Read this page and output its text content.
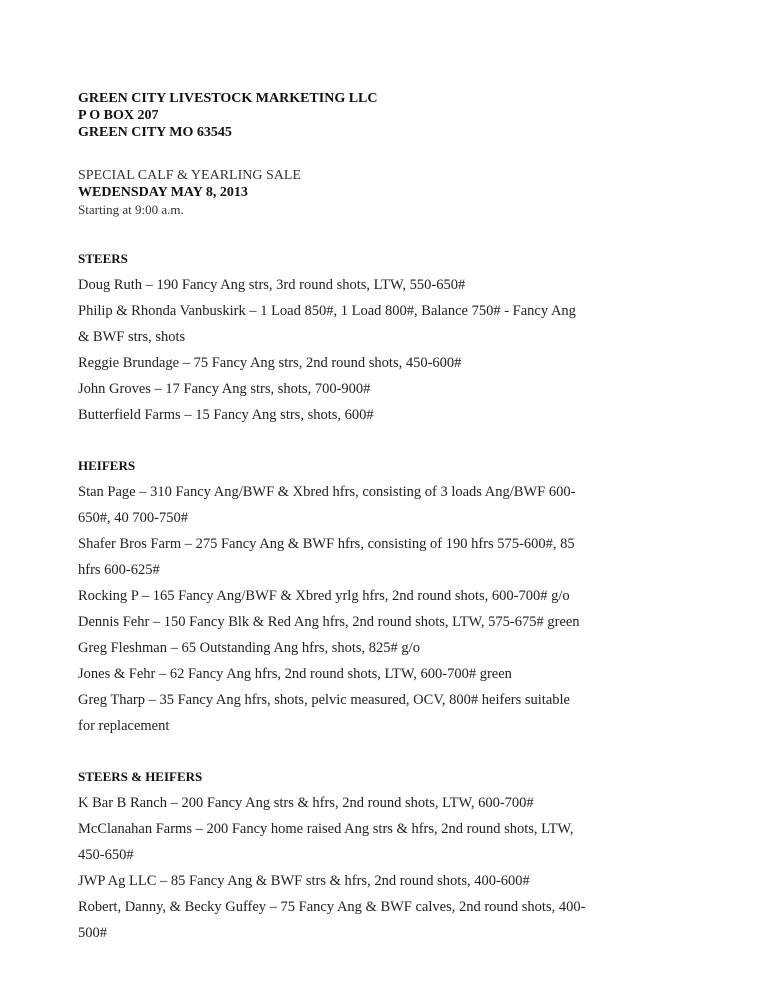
GREEN CITY LIVESTOCK MARKETING LLC
P O BOX 207
GREEN CITY MO 63545
SPECIAL CALF & YEARLING SALE
WEDENSDAY MAY 8, 2013
Starting at 9:00 a.m.
STEERS
Doug Ruth – 190 Fancy Ang strs, 3rd round shots, LTW, 550-650#
Philip & Rhonda Vanbuskirk – 1 Load 850#, 1 Load 800#, Balance 750# - Fancy Ang
& BWF strs, shots
Reggie Brundage – 75 Fancy Ang strs, 2nd round shots, 450-600#
John Groves – 17 Fancy Ang strs, shots, 700-900#
Butterfield Farms – 15 Fancy Ang strs, shots, 600#
HEIFERS
Stan Page – 310 Fancy Ang/BWF & Xbred hfrs, consisting of 3 loads Ang/BWF 600-
650#, 40 700-750#
Shafer Bros Farm – 275 Fancy Ang & BWF hfrs, consisting of 190 hfrs 575-600#, 85
hfrs 600-625#
Rocking P – 165 Fancy Ang/BWF & Xbred yrlg hfrs, 2nd round shots, 600-700# g/o
Dennis Fehr – 150 Fancy Blk & Red Ang hfrs, 2nd round shots, LTW, 575-675# green
Greg Fleshman – 65 Outstanding Ang hfrs, shots, 825# g/o
Jones & Fehr – 62 Fancy Ang hfrs, 2nd round shots, LTW, 600-700# green
Greg Tharp – 35 Fancy Ang hfrs, shots, pelvic measured, OCV, 800# heifers suitable
for replacement
STEERS & HEIFERS
K Bar B Ranch – 200 Fancy Ang strs & hfrs, 2nd round shots, LTW, 600-700#
McClanahan Farms – 200 Fancy home raised Ang strs & hfrs, 2nd round shots, LTW,
450-650#
JWP Ag LLC – 85 Fancy Ang & BWF strs & hfrs, 2nd round shots, 400-600#
Robert, Danny, & Becky Guffey – 75 Fancy Ang & BWF calves, 2nd round shots, 400-
500#
